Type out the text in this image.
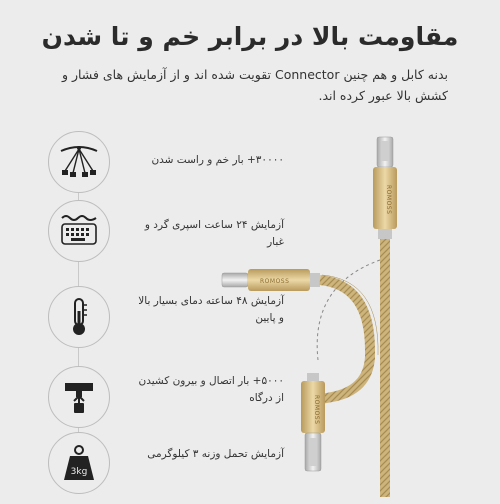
مقاومت بالا در برابر خم و تا شدن
بدنه کابل و هم چنین Connector تقویت شده اند و از آزمایش های فشار و کشش بالا عبور کرده اند.
۳۰۰۰۰+ بار خم و راست شدن
آزمایش ۲۴ ساعت اسپری گرد و غبار
آزمایش ۴۸ ساعته دمای بسیار بالا و پایین
۵۰۰۰+ بار اتصال و بیرون کشیدن از درگاه
3kg
آزمایش تحمل وزنه ۳ کیلوگرمی
ROMOSS
ROMOSS
ROMOSS
